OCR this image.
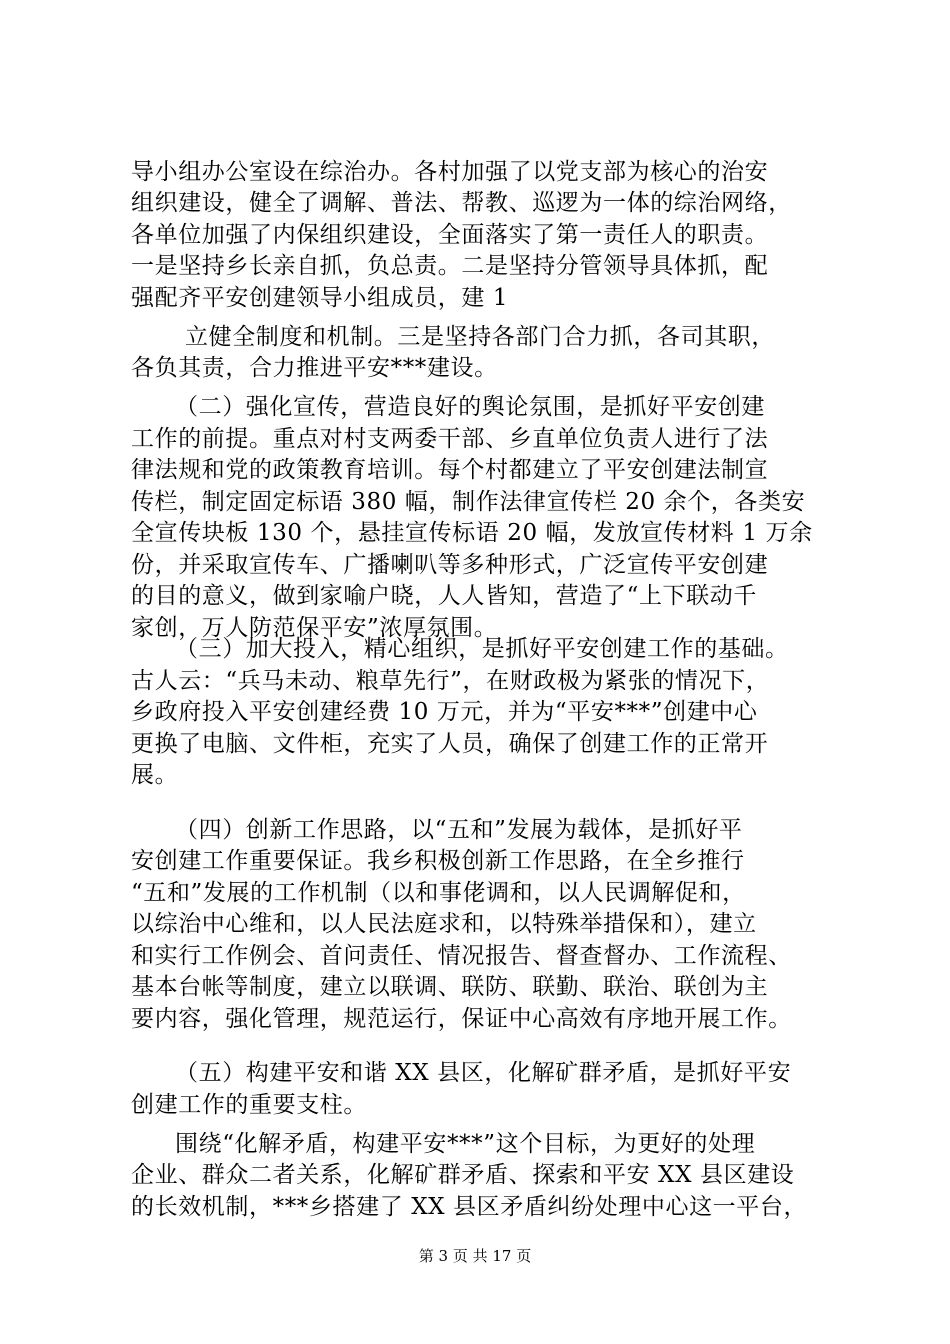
导小组办公室设在综治办。各村加强了以党支部为核心的治安
组织建设，健全了调解、普法、帮教、巡逻为一体的综治网络，
各单位加强了内保组织建设，全面落实了第一责任人的职责。
一是坚持乡长亲自抓，负总责。二是坚持分管领导具体抓，配
强配齐平安创建领导小组成员，建 1
立健全制度和机制。三是坚持各部门合力抓，各司其职，
各负其责，合力推进平安***建设。
（二）强化宣传，营造良好的舆论氛围，是抓好平安创建
工作的前提。重点对村支两委干部、乡直单位负责人进行了法
律法规和党的政策教育培训。每个村都建立了平安创建法制宣
传栏，制定固定标语 380 幅，制作法律宣传栏 20 余个，各类安
全宣传块板 130 个，悬挂宣传标语 20 幅，发放宣传材料 1 万余
份，并采取宣传车、广播喇叭等多种形式，广泛宣传平安创建
的目的意义，做到家喻户晓，人人皆知，营造了“上下联动千
家创，万人防范保平安”浓厚氛围。
（三）加大投入，精心组织，是抓好平安创建工作的基础。
古人云：“兵马未动、粮草先行”，在财政极为紧张的情况下，
乡政府投入平安创建经费 10 万元，并为“平安***”创建中心
更换了电脑、文件柜，充实了人员，确保了创建工作的正常开
展。
（四）创新工作思路，以“五和”发展为载体，是抓好平
安创建工作重要保证。我乡积极创新工作思路，在全乡推行
“五和”发展的工作机制（以和事佬调和，以人民调解促和，
以综治中心维和，以人民法庭求和，以特殊举措保和），建立
和实行工作例会、首问责任、情况报告、督查督办、工作流程、
基本台帐等制度，建立以联调、联防、联勤、联治、联创为主
要内容，强化管理，规范运行，保证中心高效有序地开展工作。
（五）构建平安和谐 XX 县区，化解矿群矛盾，是抓好平安
创建工作的重要支柱。
围绕“化解矛盾，构建平安***”这个目标，为更好的处理
企业、群众二者关系，化解矿群矛盾、探索和平安 XX 县区建设
的长效机制，***乡搭建了 XX 县区矛盾纠纷处理中心这一平台，
第 3 页 共 17 页
